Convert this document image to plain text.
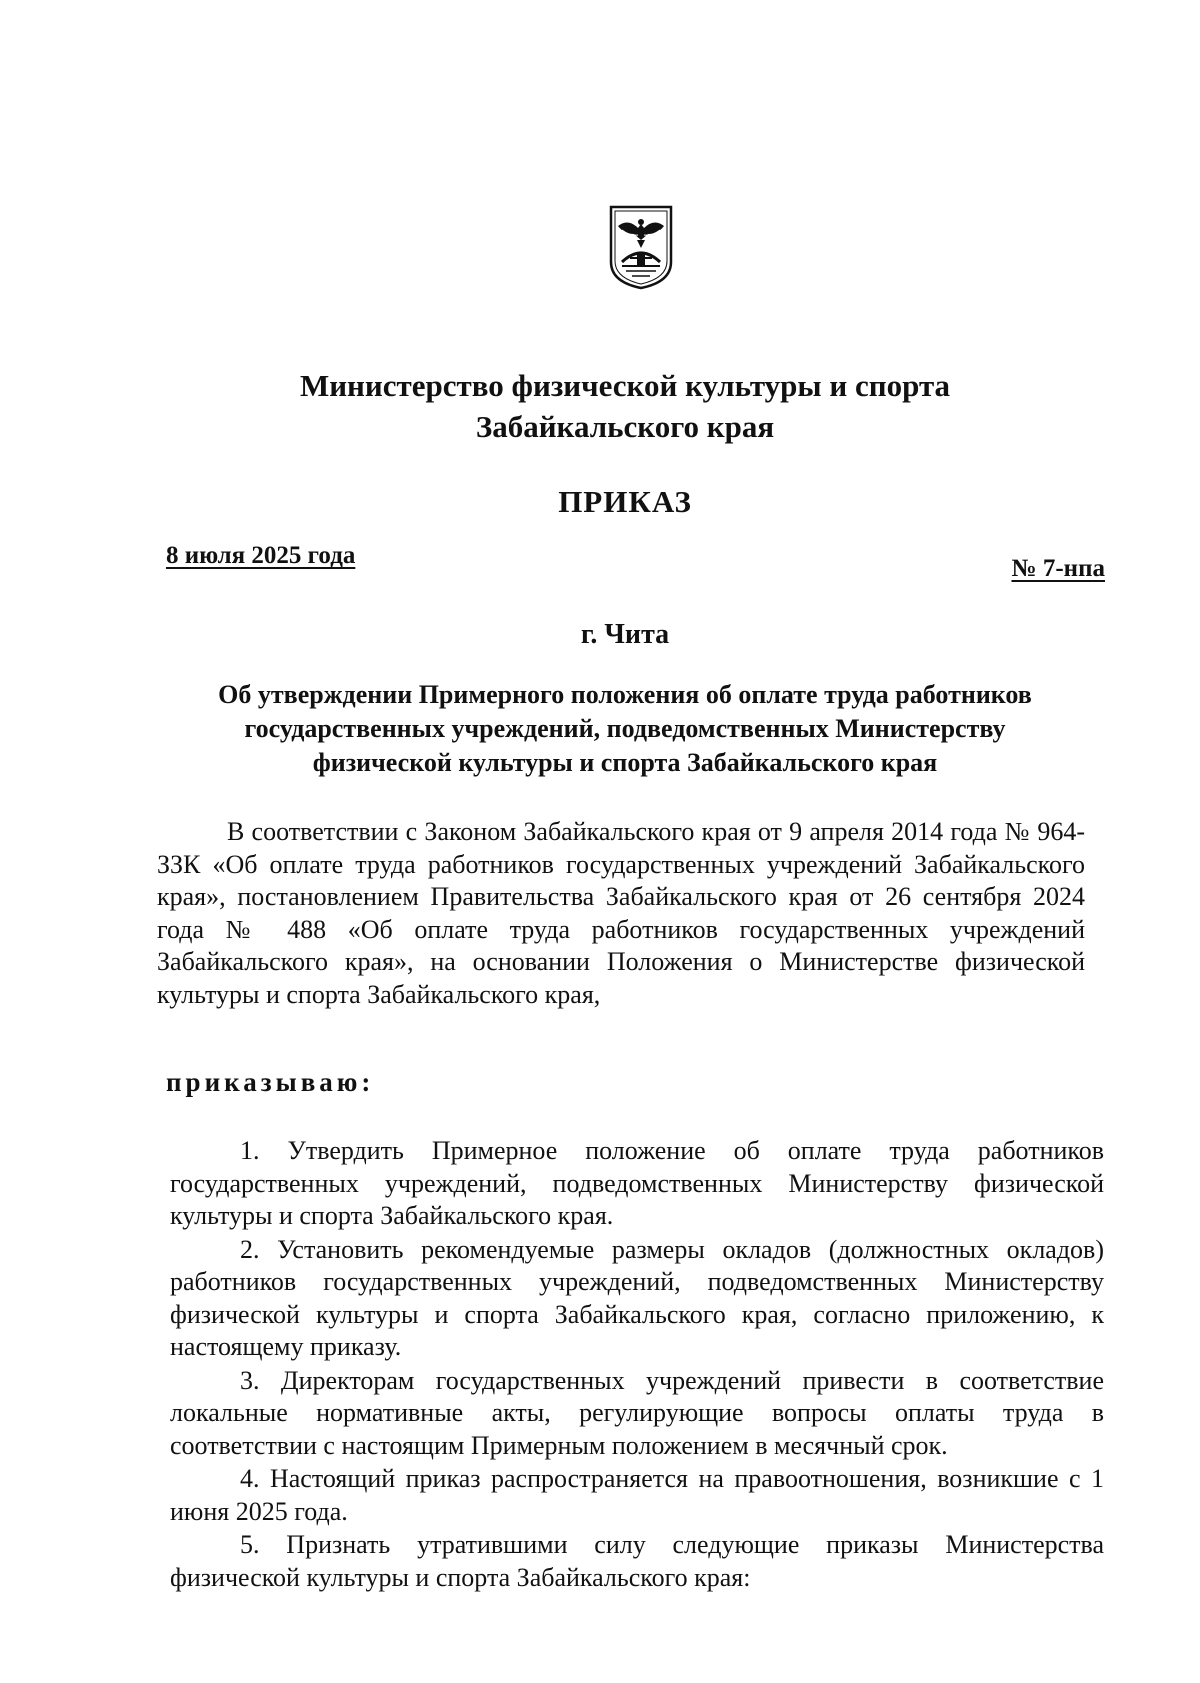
Министерство физической культуры и спорта
Забайкальского края
ПРИКАЗ
8 июля 2025 года	№ 7-нпа
г. Чита
Об утверждении Примерного положения об оплате труда работников
государственных учреждений, подведомственных Министерству
физической культуры и спорта Забайкальского края

В соответствии с Законом Забайкальского края от 9 апреля 2014 года № 964-ЗЗК «Об оплате труда работников государственных учреждений Забайкальского края», постановлением Правительства Забайкальского края от 26 сентября 2024 года № 488 «Об оплате труда работников государственных учреждений Забайкальского края», на основании Положения о Министерстве физической культуры и спорта Забайкальского края,

приказываю:

1. Утвердить Примерное положение об оплате труда работников государственных учреждений, подведомственных Министерству физической культуры и спорта Забайкальского края.

2. Установить рекомендуемые размеры окладов (должностных окладов) работников государственных учреждений, подведомственных Министерству физической культуры и спорта Забайкальского края, согласно приложению, к настоящему приказу.

3. Директорам государственных учреждений привести в соответствие локальные нормативные акты, регулирующие вопросы оплаты труда в соответствии с настоящим Примерным положением в месячный срок.

4. Настоящий приказ распространяется на правоотношения, возникшие с 1 июня 2025 года.

5. Признать утратившими силу следующие приказы Министерства физической культуры и спорта Забайкальского края:
